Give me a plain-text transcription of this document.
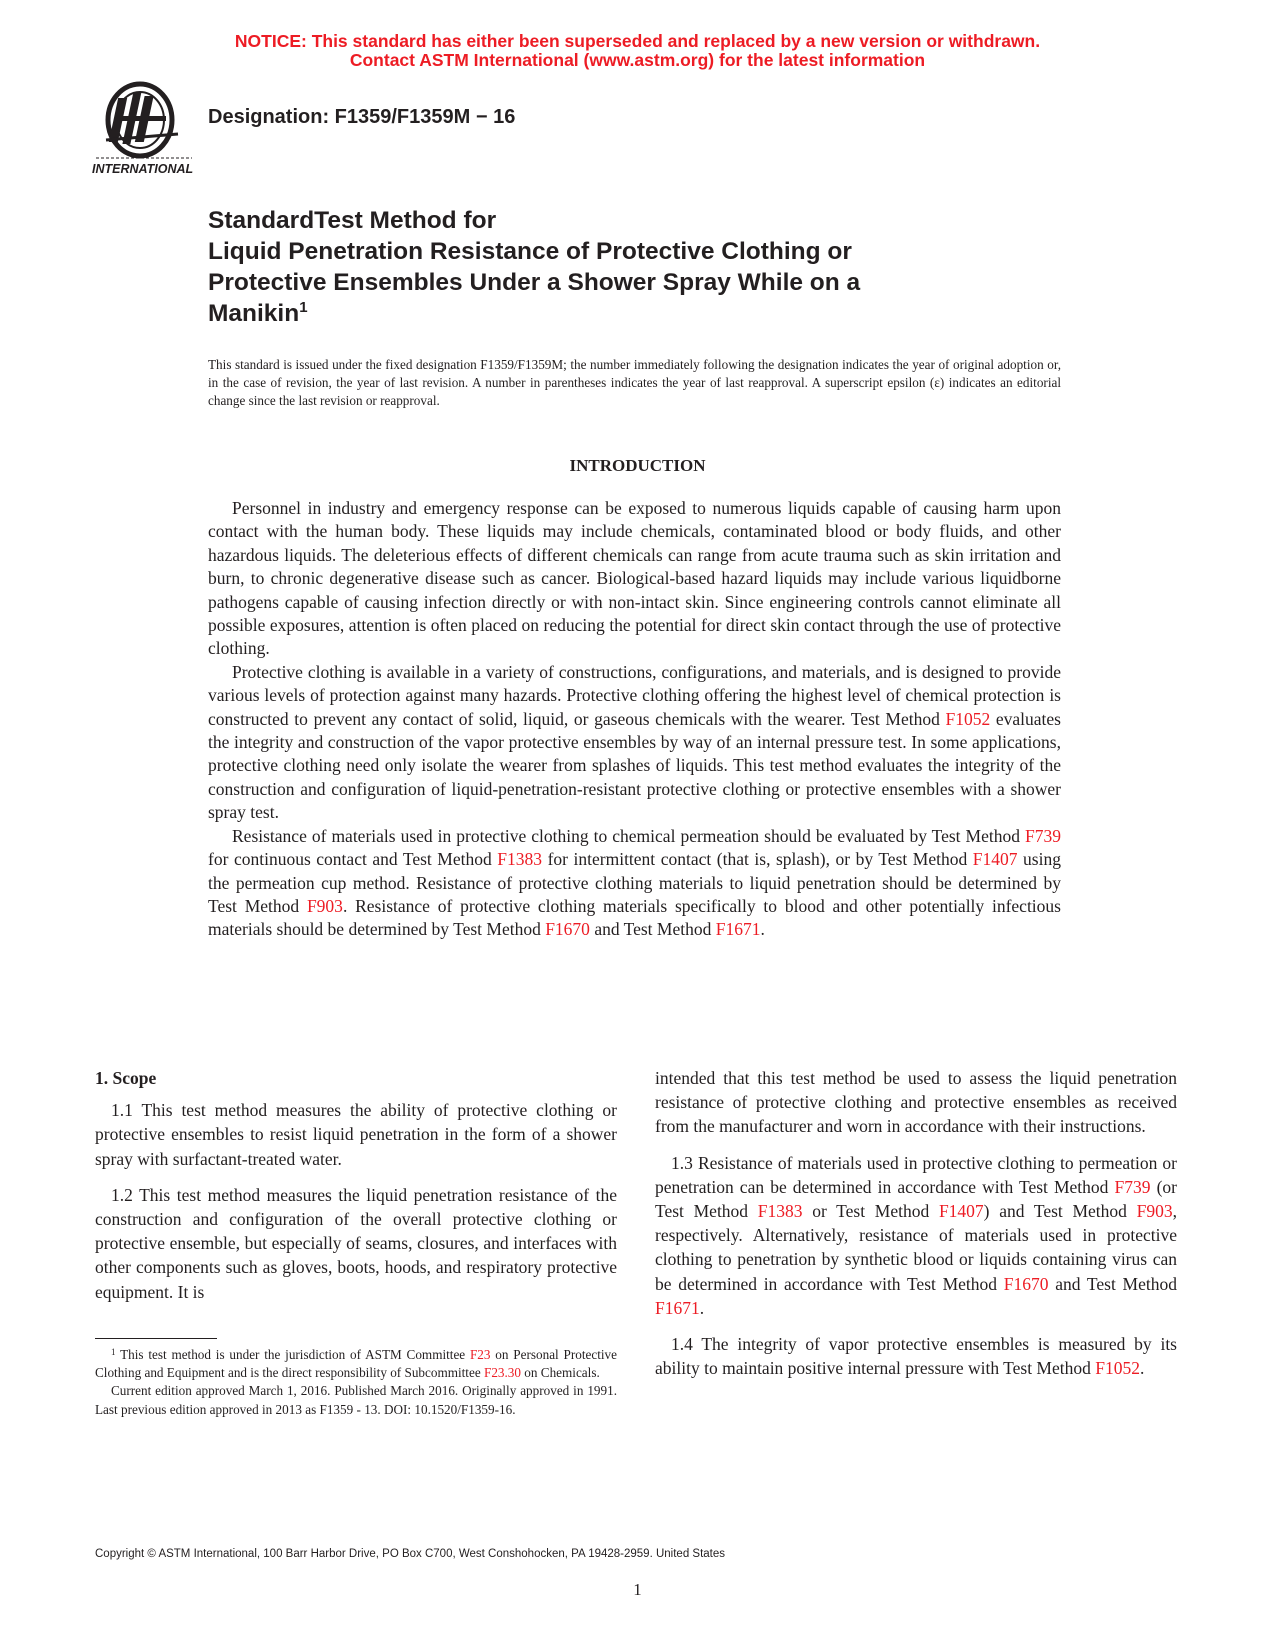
NOTICE: This standard has either been superseded and replaced by a new version or withdrawn.
Contact ASTM International (www.astm.org) for the latest information
INTERNATIONAL
Designation: F1359/F1359M − 16
StandardTest Method for
Liquid Penetration Resistance of Protective Clothing or
Protective Ensembles Under a Shower Spray While on a
Manikin$^1$
This standard is issued under the fixed designation F1359/F1359M; the number immediately following the designation indicates the year of original adoption or, in the case of revision, the year of last revision. A number in parentheses indicates the year of last reapproval. A superscript epsilon (ε) indicates an editorial change since the last revision or reapproval.
INTRODUCTION

Personnel in industry and emergency response can be exposed to numerous liquids capable of causing harm upon contact with the human body. These liquids may include chemicals, contaminated blood or body fluids, and other hazardous liquids. The deleterious effects of different chemicals can range from acute trauma such as skin irritation and burn, to chronic degenerative disease such as cancer. Biological-based hazard liquids may include various liquidborne pathogens capable of causing infection directly or with non-intact skin. Since engineering controls cannot eliminate all possible exposures, attention is often placed on reducing the potential for direct skin contact through the use of protective clothing.

Protective clothing is available in a variety of constructions, configurations, and materials, and is designed to provide various levels of protection against many hazards. Protective clothing offering the highest level of chemical protection is constructed to prevent any contact of solid, liquid, or gaseous chemicals with the wearer. Test Method F1052 evaluates the integrity and construction of the vapor protective ensembles by way of an internal pressure test. In some applications, protective clothing need only isolate the wearer from splashes of liquids. This test method evaluates the integrity of the construction and configuration of liquid-penetration-resistant protective clothing or protective ensembles with a shower spray test.

Resistance of materials used in protective clothing to chemical permeation should be evaluated by Test Method F739 for continuous contact and Test Method F1383 for intermittent contact (that is, splash), or by Test Method F1407 using the permeation cup method. Resistance of protective clothing materials to liquid penetration should be determined by Test Method F903. Resistance of protective clothing materials specifically to blood and other potentially infectious materials should be determined by Test Method F1670 and Test Method F1671.

1. Scope

1.1 This test method measures the ability of protective clothing or protective ensembles to resist liquid penetration in the form of a shower spray with surfactant-treated water.

1.2 This test method measures the liquid penetration resistance of the construction and configuration of the overall protective clothing or protective ensemble, but especially of seams, closures, and interfaces with other components such as gloves, boots, hoods, and respiratory protective equipment. It is

intended that this test method be used to assess the liquid penetration resistance of protective clothing and protective ensembles as received from the manufacturer and worn in accordance with their instructions.

1.3 Resistance of materials used in protective clothing to permeation or penetration can be determined in accordance with Test Method F739 (or Test Method F1383 or Test Method F1407) and Test Method F903, respectively. Alternatively, resistance of materials used in protective clothing to penetration by synthetic blood or liquids containing virus can be determined in accordance with Test Method F1670 and Test Method F1671.

1.4 The integrity of vapor protective ensembles is measured by its ability to maintain positive internal pressure with Test Method F1052.

$^1$ This test method is under the jurisdiction of ASTM Committee F23 on Personal Protective Clothing and Equipment and is the direct responsibility of Subcommittee F23.30 on Chemicals.

Current edition approved March 1, 2016. Published March 2016. Originally approved in 1991. Last previous edition approved in 2013 as F1359 - 13. DOI: 10.1520/F1359-16.

Copyright © ASTM International, 100 Barr Harbor Drive, PO Box C700, West Conshohocken, PA 19428-2959. United States
1
